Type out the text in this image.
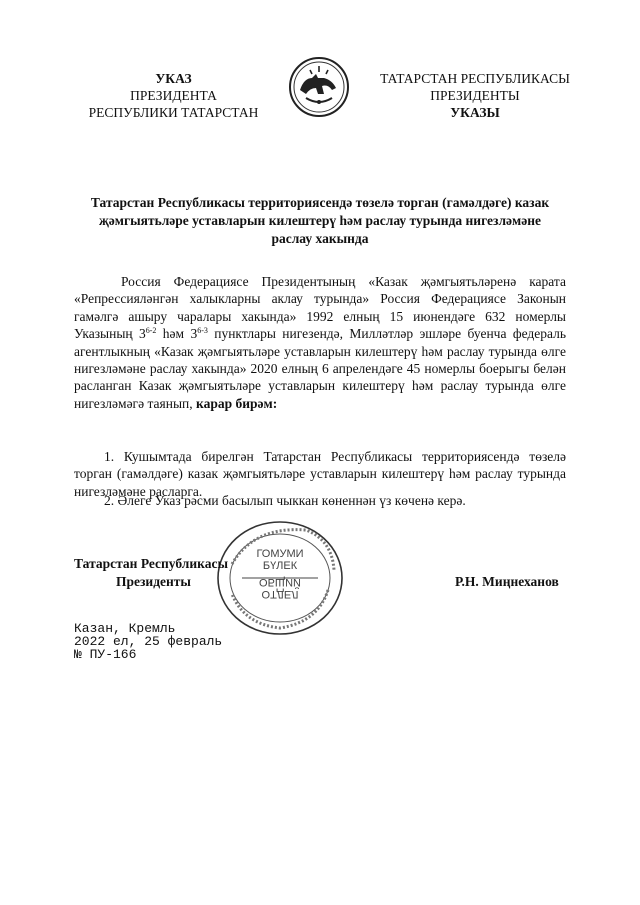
УКАЗ
ПРЕЗИДЕНТА
РЕСПУБЛИКИ ТАТАРСТАН
ТАТАРСТАН РЕСПУБЛИКАСЫ
ПРЕЗИДЕНТЫ
УКАЗЫ
Татарстан Республикасы территориясендә төзелә торган (гамәлдәге) казак җәмгыятьләре уставларын килештерү һәм раслау турында нигезләмәне раслау хакында
Россия Федерациясе Президентының «Казак җәмгыятьләренә карата «Репрессияләнгән халыкларны аклау турында» Россия Федерациясе Законын гамәлгә ашыру чаралары хакында» 1992 елның 15 июнендәге 632 номерлы Указының 3$^{6-2}$ һәм 3$^{6-3}$ пунктлары нигезендә, Милләтләр эшләре буенча федераль агентлыкның «Казак җәмгыятьләре уставларын килештерү һәм раслау турында өлге нигезләмәне раслау хакында» 2020 елның 6 апрелендәге 45 номерлы боерыгы белән расланган Казак җәмгыятьләре уставларын килештерү һәм раслау турында өлге нигезләмәгә таянып, карар бирәм:
1. Кушымтада бирелгән Татарстан Республикасы территориясендә төзелә торган (гамәлдәге) казак җәмгыятьләре уставларын килештерү һәм раслау турында нигезләмәне расларга.
2. Әлеге Указ рәсми басылып чыккан көненнән үз көченә керә.
ГОМУМИ
БҮЛЕК
ОБЩИЙ
ОТДЕЛ
Татарстан Республикасы
Президенты	Р.Н. Миңнеханов
Казан, Кремль
2022 ел, 25 февраль
№ ПУ-166
